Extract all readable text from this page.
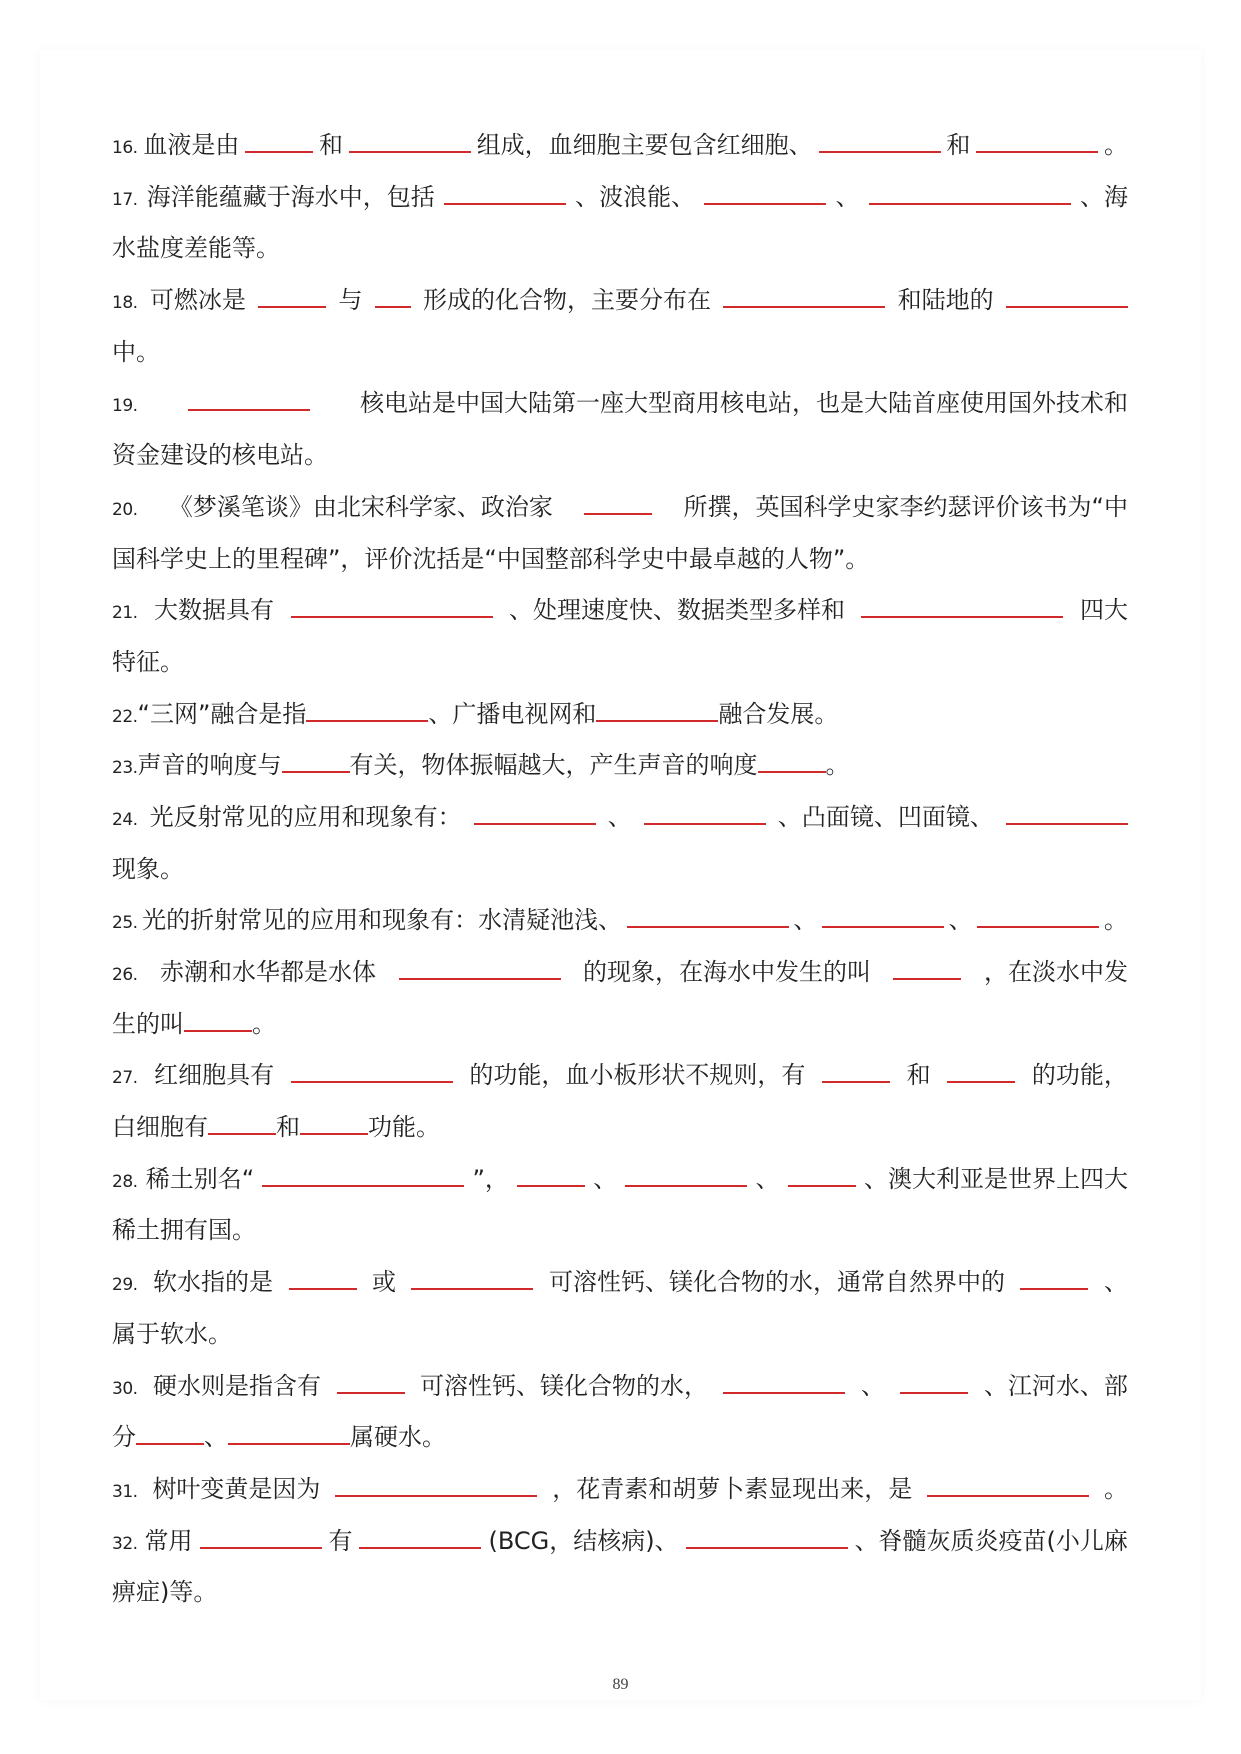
16. 血液是由	和	组成，血细胞主要包含红细胞、	和	。
17. 海洋能蕴藏于海水中，包括	、波浪能、	、	、海
水盐度差能等。
18. 可燃冰是	与	形成的化合物，主要分布在	和陆地的
中。
19.	核电站是中国大陆第一座大型商用核电站，也是大陆首座使用国外技术和
资金建设的核电站。
20. 《梦溪笔谈》由北宋科学家、政治家	所撰，英国科学史家李约瑟评价该书为“中
国科学史上的里程碑”，评价沈括是“中国整部科学史中最卓越的人物”。
21. 大数据具有	、处理速度快、数据类型多样和	四大
特征。
22. “三网”融合是指	、广播电视网和	融合发展。
23. 声音的响度与	有关，物体振幅越大，产生声音的响度	。
24. 光反射常见的应用和现象有：	、	、凸面镜、凹面镜、
现象。
25. 光的折射常见的应用和现象有：水清疑池浅、	、	、	。
26. 赤潮和水华都是水体	的现象，在海水中发生的叫	，在淡水中发
生的叫	。
27. 红细胞具有	的功能，血小板形状不规则，有	和	的功能，
白细胞有	和	功能。
28. 稀土别名“	”，	、	、	、澳大利亚是世界上四大
稀土拥有国。
29. 软水指的是	或	可溶性钙、镁化合物的水，通常自然界中的	、
属于软水。
30. 硬水则是指含有	可溶性钙、镁化合物的水，	、	、江河水、部
分	、	属硬水。
31. 树叶变黄是因为	，花青素和胡萝卜素显现出来，是	。
32. 常用	有	(BCG，结核病)、	、脊髓灰质炎疫苗(小儿麻
痹症)等。
89
